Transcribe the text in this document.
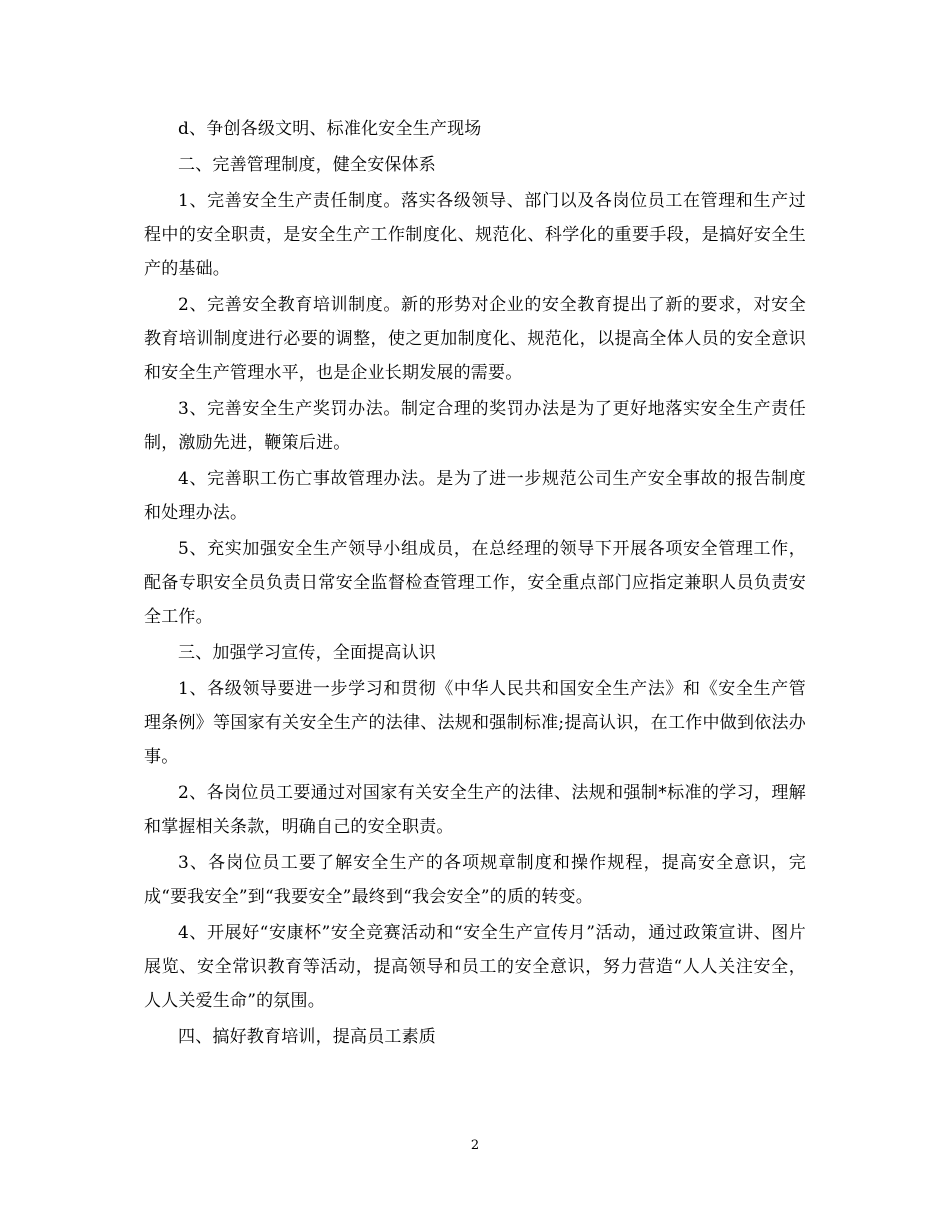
d、争创各级文明、标准化安全生产现场

二、完善管理制度，健全安保体系

1、完善安全生产责任制度。落实各级领导、部门以及各岗位员工在管理和生产过程中的安全职责，是安全生产工作制度化、规范化、科学化的重要手段，是搞好安全生产的基础。

2、完善安全教育培训制度。新的形势对企业的安全教育提出了新的要求，对安全教育培训制度进行必要的调整，使之更加制度化、规范化，以提高全体人员的安全意识和安全生产管理水平，也是企业长期发展的需要。

3、完善安全生产奖罚办法。制定合理的奖罚办法是为了更好地落实安全生产责任制，激励先进，鞭策后进。

4、完善职工伤亡事故管理办法。是为了进一步规范公司生产安全事故的报告制度和处理办法。

5、充实加强安全生产领导小组成员，在总经理的领导下开展各项安全管理工作，配备专职安全员负责日常安全监督检查管理工作，安全重点部门应指定兼职人员负责安全工作。

三、加强学习宣传，全面提高认识

1、各级领导要进一步学习和贯彻《中华人民共和国安全生产法》和《安全生产管理条例》等国家有关安全生产的法律、法规和强制标准;提高认识，在工作中做到依法办事。

2、各岗位员工要通过对国家有关安全生产的法律、法规和强制*标准的学习，理解和掌握相关条款，明确自己的安全职责。

3、各岗位员工要了解安全生产的各项规章制度和操作规程，提高安全意识，完成“要我安全”到“我要安全”最终到“我会安全”的质的转变。

4、开展好“安康杯”安全竞赛活动和“安全生产宣传月”活动，通过政策宣讲、图片展览、安全常识教育等活动，提高领导和员工的安全意识，努力营造“人人关注安全，人人关爱生命”的氛围。

四、搞好教育培训，提高员工素质

2
